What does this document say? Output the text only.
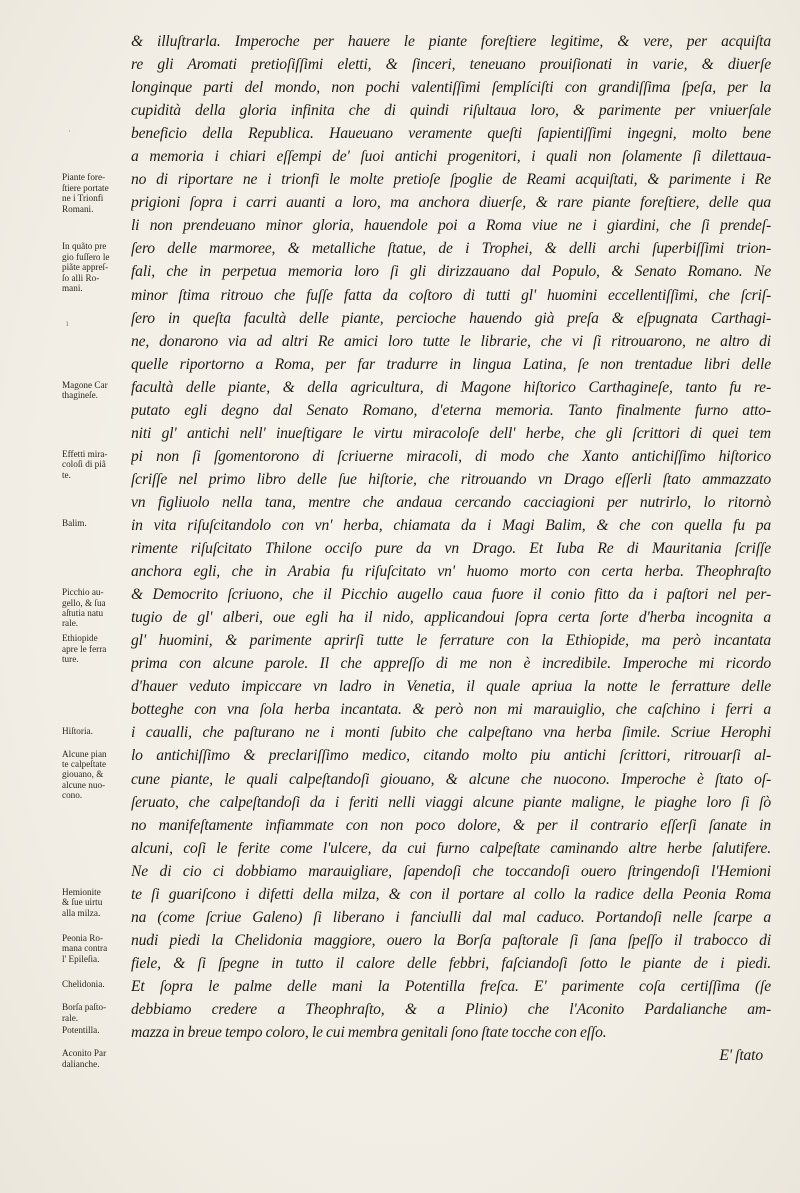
& illuſtrarla. Imperoche per hauere le piante foreſtiere legitime, & vere, per acquiſta
re gli Aromati pretioſiſſimi eletti, & ſinceri, teneuano prouiſionati in varie, & diuerſe
longinque parti del mondo, non pochi valentiſſimi ſemplíciſti con grandiſſima ſpeſa, per la
cupidità della gloria infinita che di quindi riſultaua loro, & parimente per vniuerſale
beneficio della Republica. Haueuano veramente queſti ſapientiſſimi ingegni, molto bene
a memoria i chiari eſſempi de' ſuoi antichi progenitori, i quali non ſolamente ſi dilettaua-
no di riportare ne i trionfi le molte pretioſe ſpoglie de Reami acquiſtati, & parimente i Re
prigioni ſopra i carri auanti a loro, ma anchora diuerſe, & rare piante foreſtiere, delle qua
li non prendeuano minor gloria, hauendole poi a Roma viue ne i giardini, che ſi prendeſ-
ſero delle marmoree, & metalliche ſtatue, de i Trophei, & delli archi ſuperbiſſimi trion-
fali, che in perpetua memoria loro ſi gli dirizzauano dal Populo, & Senato Romano. Ne
minor ſtima ritrouo che fuſſe fatta da coſtoro di tutti gl' huomini eccellentiſſimi, che ſcriſ-
ſero in queſta facultà delle piante, percioche hauendo già preſa & eſpugnata Carthagi-
ne, donarono via ad altri Re amici loro tutte le librarie, che vi ſi ritrouarono, ne altro di
quelle riportorno a Roma, per far tradurre in lingua Latina, ſe non trentadue libri delle
facultà delle piante, & della agricultura, di Magone hiſtorico Carthagineſe, tanto fu re-
putato egli degno dal Senato Romano, d'eterna memoria. Tanto finalmente furno atto-
niti gl' antichi nell' inueſtigare le virtu miracoloſe dell' herbe, che gli ſcrittori di quei tem
pi non ſi ſgomentorono di ſcriuerne miracoli, di modo che Xanto antichiſſimo hiſtorico
ſcriſſe nel primo libro delle ſue hiſtorie, che ritrouando vn Drago eſſerli ſtato ammazzato
vn figliuolo nella tana, mentre che andaua cercando cacciagioni per nutrirlo, lo ritornò
in vita riſuſcitandolo con vn' herba, chiamata da i Magi Balim, & che con quella fu pa
rimente riſuſcitato Thilone occiſo pure da vn Drago. Et Iuba Re di Mauritania ſcriſſe
anchora egli, che in Arabia fu riſuſcitato vn' huomo morto con certa herba. Theophraſto
& Democrito ſcriuono, che il Picchio augello caua fuore il conio fitto da i paſtori nel per-
tugio de gl' alberi, oue egli ha il nido, applicandoui ſopra certa ſorte d'herba incognita a
gl' huomini, & parimente aprirſi tutte le ferrature con la Ethiopide, ma però incantata
prima con alcune parole. Il che appreſſo di me non è incredibile. Imperoche mi ricordo
d'hauer veduto impiccare vn ladro in Venetia, il quale apriua la notte le ferratture delle
botteghe con vna ſola herba incantata. & però non mi marauiglio, che caſchino i ferri a
i caualli, che paſturano ne i monti ſubito che calpeſtano vna herba ſimile. Scriue Herophi
lo antichiſſimo & preclariſſimo medico, citando molto piu antichi ſcrittori, ritrouarſi al-
cune piante, le quali calpeſtandoſi giouano, & alcune che nuocono. Imperoche è ſtato oſ-
ſeruato, che calpeſtandoſi da i feriti nelli viaggi alcune piante maligne, le piaghe loro ſi ſò
no manifeſtamente infiammate con non poco dolore, & per il contrario eſſerſi ſanate in
alcuni, coſi le ferite come l'ulcere, da cui furno calpeſtate caminando altre herbe ſalutifere.
Ne di cio ci dobbiamo marauigliare, ſapendoſi che toccandoſi ouero ſtringendoſi l'Hemioni
te ſi guariſcono i difetti della milza, & con il portare al collo la radice della Peonia Roma
na (come ſcriue Galeno) ſi liberano i fanciulli dal mal caduco. Portandoſi nelle ſcarpe a
nudi piedi la Chelidonia maggiore, ouero la Borſa paſtorale ſi ſana ſpeſſo il trabocco di
fiele, & ſi ſpegne in tutto il calore delle febbri, faſciandoſi ſotto le piante de i piedi.
Et ſopra le palme delle mani la Potentilla freſca. E' parimente coſa certiſſima (ſe
debbiamo credere a Theophraſto, & a Plinio) che l'Aconito Pardalianche am-
mazza in breue tempo coloro, le cui membra genitali ſono ſtate tocche con eſſo.
E' ſtato
Piante fore-
ſtiere portate
ne i Trionfi
Romani.
In quãto pre
gio fuſſero le
piãte appreſ-
ſo alli Ro-
mani.
Magone Car
thagineſe.
Effetti mira-
coloſi di piã
te.
Balim.
Picchio au-
gello, & ſua
aſtutia natu
rale.
Ethiopide
apre le ferra
ture.
Hiſtoria.
Alcune pian
te calpeſtate
giouano, &
alcune nuo-
cono.
Hemionite
& ſue uirtu
alla milza.
Peonia Ro-
mana contra
l' Epileſia.
Chelidonia.
Borſa paſto-
rale.
Potentilla.
Aconito Par
dalianche.
·
ı
